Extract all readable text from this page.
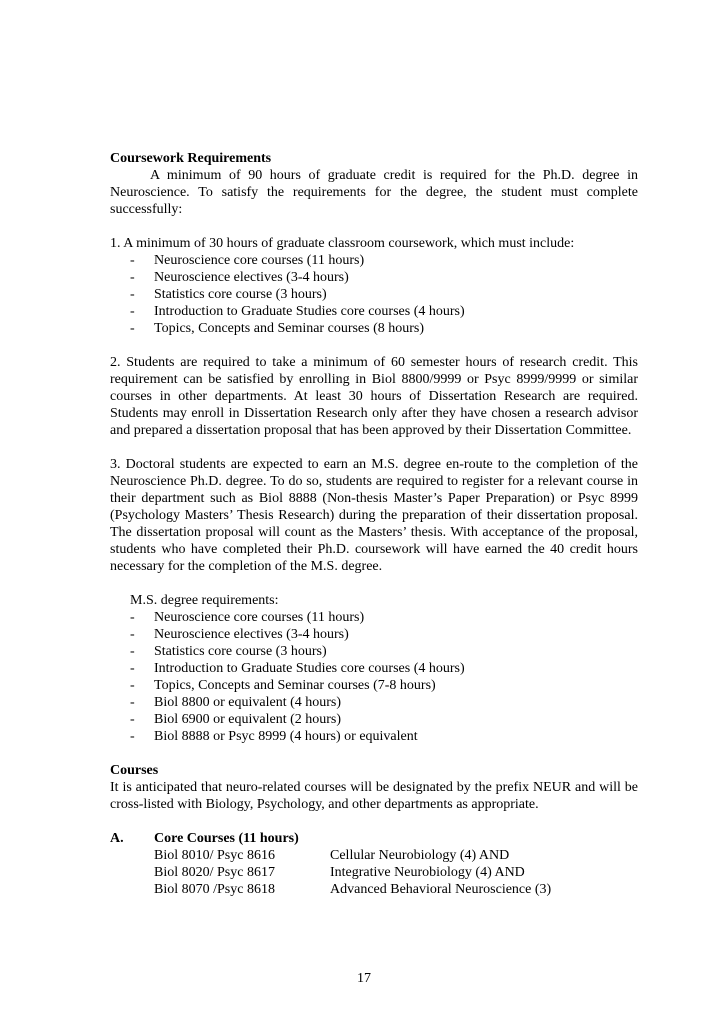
Coursework Requirements

A minimum of 90 hours of graduate credit is required for the Ph.D. degree in Neuroscience. To satisfy the requirements for the degree, the student must complete successfully:

1. A minimum of 30 hours of graduate classroom coursework, which must include:

-	Neuroscience core courses (11 hours)
-	Neuroscience electives (3-4 hours)
-	Statistics core course (3 hours)
-	Introduction to Graduate Studies core courses (4 hours)
-	Topics, Concepts and Seminar courses (8 hours)

2. Students are required to take a minimum of 60 semester hours of research credit. This requirement can be satisfied by enrolling in Biol 8800/9999 or Psyc 8999/9999 or similar courses in other departments. At least 30 hours of Dissertation Research are required. Students may enroll in Dissertation Research only after they have chosen a research advisor and prepared a dissertation proposal that has been approved by their Dissertation Committee.

3. Doctoral students are expected to earn an M.S. degree en-route to the completion of the Neuroscience Ph.D. degree. To do so, students are required to register for a relevant course in their department such as Biol 8888 (Non-thesis Master’s Paper Preparation) or Psyc 8999 (Psychology Masters’ Thesis Research) during the preparation of their dissertation proposal. The dissertation proposal will count as the Masters’ thesis. With acceptance of the proposal, students who have completed their Ph.D. coursework will have earned the 40 credit hours necessary for the completion of the M.S. degree.

M.S. degree requirements:

-	Neuroscience core courses (11 hours)
-	Neuroscience electives (3-4 hours)
-	Statistics core course (3 hours)
-	Introduction to Graduate Studies core courses (4 hours)
-	Topics, Concepts and Seminar courses (7-8 hours)
-	Biol 8800 or equivalent (4 hours)
-	Biol 6900 or equivalent (2 hours)
-	Biol 8888 or Psyc 8999 (4 hours) or equivalent

Courses

It is anticipated that neuro-related courses will be designated by the prefix NEUR and will be cross-listed with Biology, Psychology, and other departments as appropriate.

A.	Core Courses (11 hours)
Biol 8010/ Psyc 8616	Cellular Neurobiology (4) AND
Biol 8020/ Psyc 8617	Integrative Neurobiology (4) AND
Biol 8070 /Psyc 8618	Advanced Behavioral Neuroscience (3)
17
